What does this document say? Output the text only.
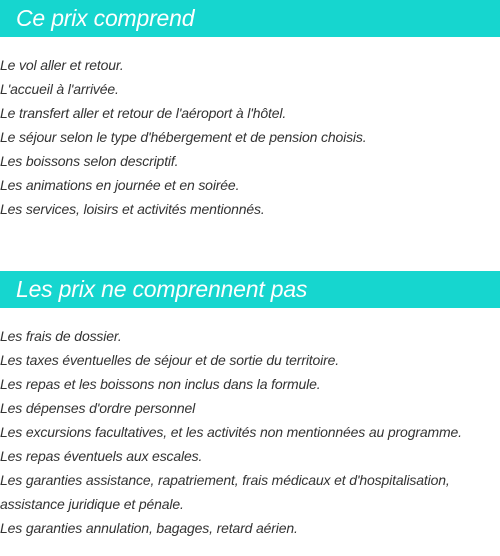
Ce prix comprend
Le vol aller et retour.
L'accueil à l'arrivée.
Le transfert aller et retour de l'aéroport à l'hôtel.
Le séjour selon le type d'hébergement et de pension choisis.
Les boissons selon descriptif.
Les animations en journée et en soirée.
Les services, loisirs et activités mentionnés.
Les prix ne comprennent pas
Les frais de dossier.
Les taxes éventuelles de séjour et de sortie du territoire.
Les repas et les boissons non inclus dans la formule.
Les dépenses d'ordre personnel
Les excursions facultatives, et les activités non mentionnées au programme.
Les repas éventuels aux escales.
Les garanties assistance, rapatriement, frais médicaux et d'hospitalisation,
assistance juridique et pénale.
Les garanties annulation, bagages, retard aérien.
